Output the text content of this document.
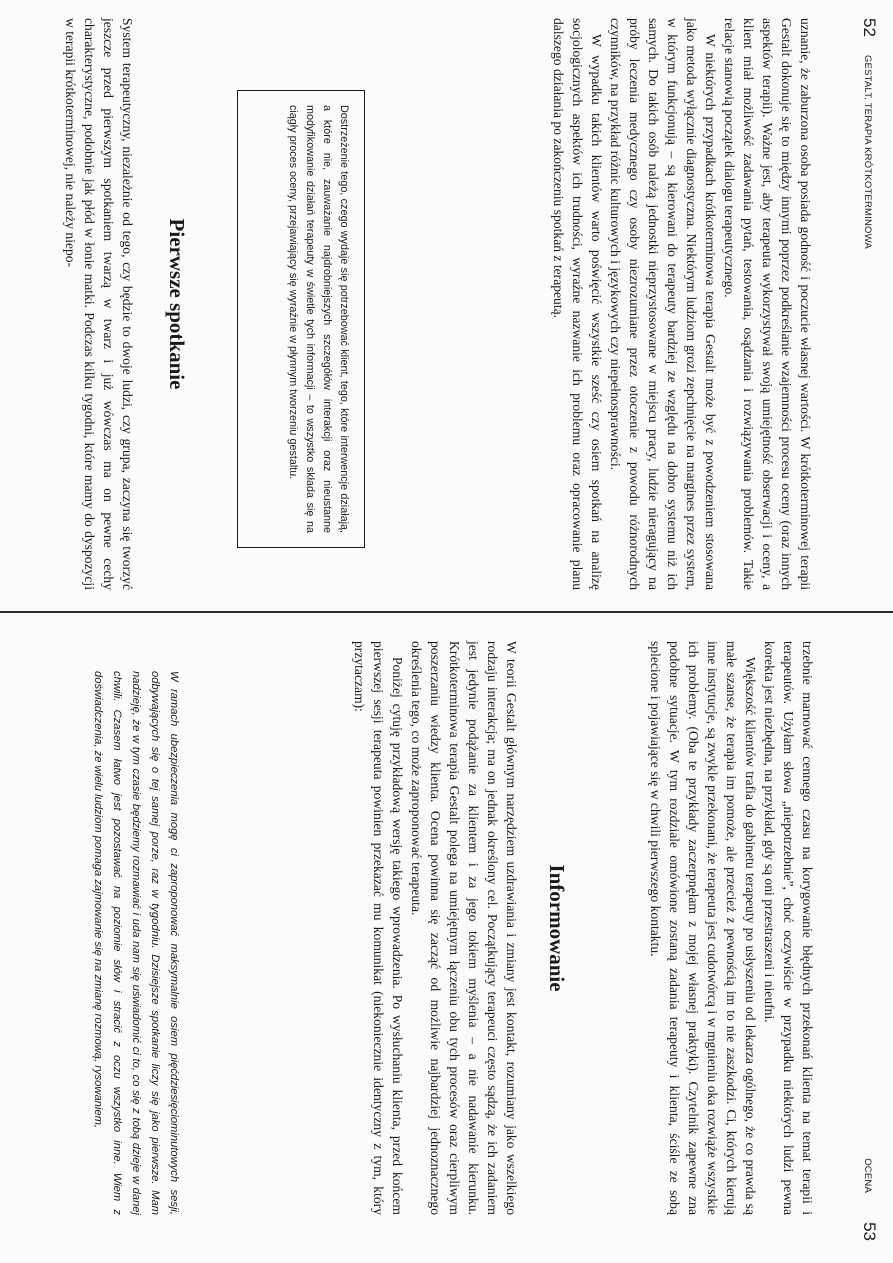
52
GESTALT. TERAPIA KRÓTKOTERMINOWA

uznanie, że zaburzona osoba posiada godność i poczucie własnej wartości. W krótkoterminowej terapii Gestalt dokonuje się to między innymi poprzez podkreślanie wzajemności procesu oceny (oraz innych aspektów terapii). Ważne jest, aby terapeuta wykorzystywał swoją umiejętność obserwacji i oceny, a klient miał możliwość zadawania pytań, testowania, osądzania i rozwiązywania problemów. Takie relacje stanowią początek dialogu terapeutycznego.

W niektórych przypadkach krótkoterminowa terapia Gestalt może być z powodzeniem stosowana jako metoda wyłącznie diagnostyczna. Niektórym ludziom grozi zepchnięcie na margines przez system, w którym funkcjonują – są kierowani do terapeuty bardziej ze względu na dobro systemu niż ich samych. Do takich osób należą jednostki nieprzystosowane w miejscu pracy, ludzie nieragujący na próby leczenia medycznego czy osoby niezrozumiane przez otoczenie z powodu różnorodnych czynników, na przykład różnic kulturowych i językowych czy niepełnosprawności.

W wypadku takich klientów warto poświęcić wszystkie sześć czy osiem spotkań na analizę socjologicznych aspektów ich trudności, wyraźne nazwanie ich problemu oraz opracowanie planu dalszego działania po zakończeniu spotkań z terapeutą.

Dostrzeżenie tego, czego wydaje się potrzebować klient, tego, które interwencje działają, a które nie, zauważanie najdrobniejszych szczegółów interakcji oraz nieustanne modyfikowanie działań terapeuty w świetle tych informacji – to wszystko składa się na ciągły proces oceny, przejawiający się wyraźnie w płynnym tworzeniu gestaltu.
Pierwsze spotkanie

System terapeutyczny, niezależnie od tego, czy będzie to dwoje ludzi, czy grupa, zaczyna się tworzyć jeszcze przed pierwszym spotkaniem twarzą w twarz i już wówczas ma on pewne cechy charakterystyczne, podobnie jak płód w łonie matki. Podczas kilku tygodni, które mamy do dyspozycji w terapii krótkoterminowej, nie należy niepo-

OCENA
53

trzebnie marnować cennego czasu na korygowanie błędnych przekonań klienta na temat terapii i terapeutów. Użyłam słowa „niepotrzebnie”, choć oczywiście w przypadku niektórych ludzi pewna korekta jest niezbędna, na przykład, gdy są oni przestraszeni i nieufni.

Większość klientów trafia do gabinetu terapeuty po usłyszeniu od lekarza ogólnego, że co prawda są małe szanse, że terapia im pomoże, ale przecież z pewnością im to nie zaszkodzi. Ci, których kierują inne instytucje, są zwykle przekonani, że terapeuta jest cudotwórcą i w mgnieniu oka rozwiąże wszystkie ich problemy. (Oba te przykłady zaczerpnęłam z mojej własnej praktyki). Czytelnik zapewne zna podobne sytuacje. W tym rozdziale omówione zostaną zadania terapeuty i klienta, ściśle ze sobą splecione i pojawiające się w chwili pierwszego kontaktu.

Informowanie

W teorii Gestalt głównym narzędziem uzdrawiania i zmiany jest kontakt, rozumiany jako wszelkiego rodzaju interakcja; ma on jednak określony cel. Początkujący terapeuci często sądzą, że ich zadaniem jest jedynie podążanie za klientem i za jego tokiem myślenia – a nie nadawanie kierunku. Krótkoterminowa terapia Gestalt polega na umiejętnym łączeniu obu tych procesów oraz cierpliwym poszerzaniu wiedzy klienta. Ocena powinna się zacząć od możliwie najbardziej jednoznacznego określenia tego, co może zaproponować terapeuta.

Poniżej cytuję przykładową wersję takiego wprowadzenia. Po wysłuchaniu klienta, przed końcem pierwszej sesji terapeuta powinien przekazać mu komunikat (niekoniecznie identyczny z tym, który przytaczam):

W ramach ubezpieczenia mogę ci zaproponować maksymalnie osiem pięćdziesięciominutowych sesji, odbywających się o tej samej porze, raz w tygodniu. Dzisiejsze spotkanie liczy się jako pierwsze. Mam nadzieję, że w tym czasie będziemy rozmawiać i uda nam się uświadomić ci to, co się z tobą dzieje w danej chwili. Czasem łatwo jest pozostawać na poziomie słów i stracić z oczu wszystko inne. Wiem z doświadczenia, że wielu ludziom pomaga zajmowanie się na zmianę rozmową, rysowaniem,
